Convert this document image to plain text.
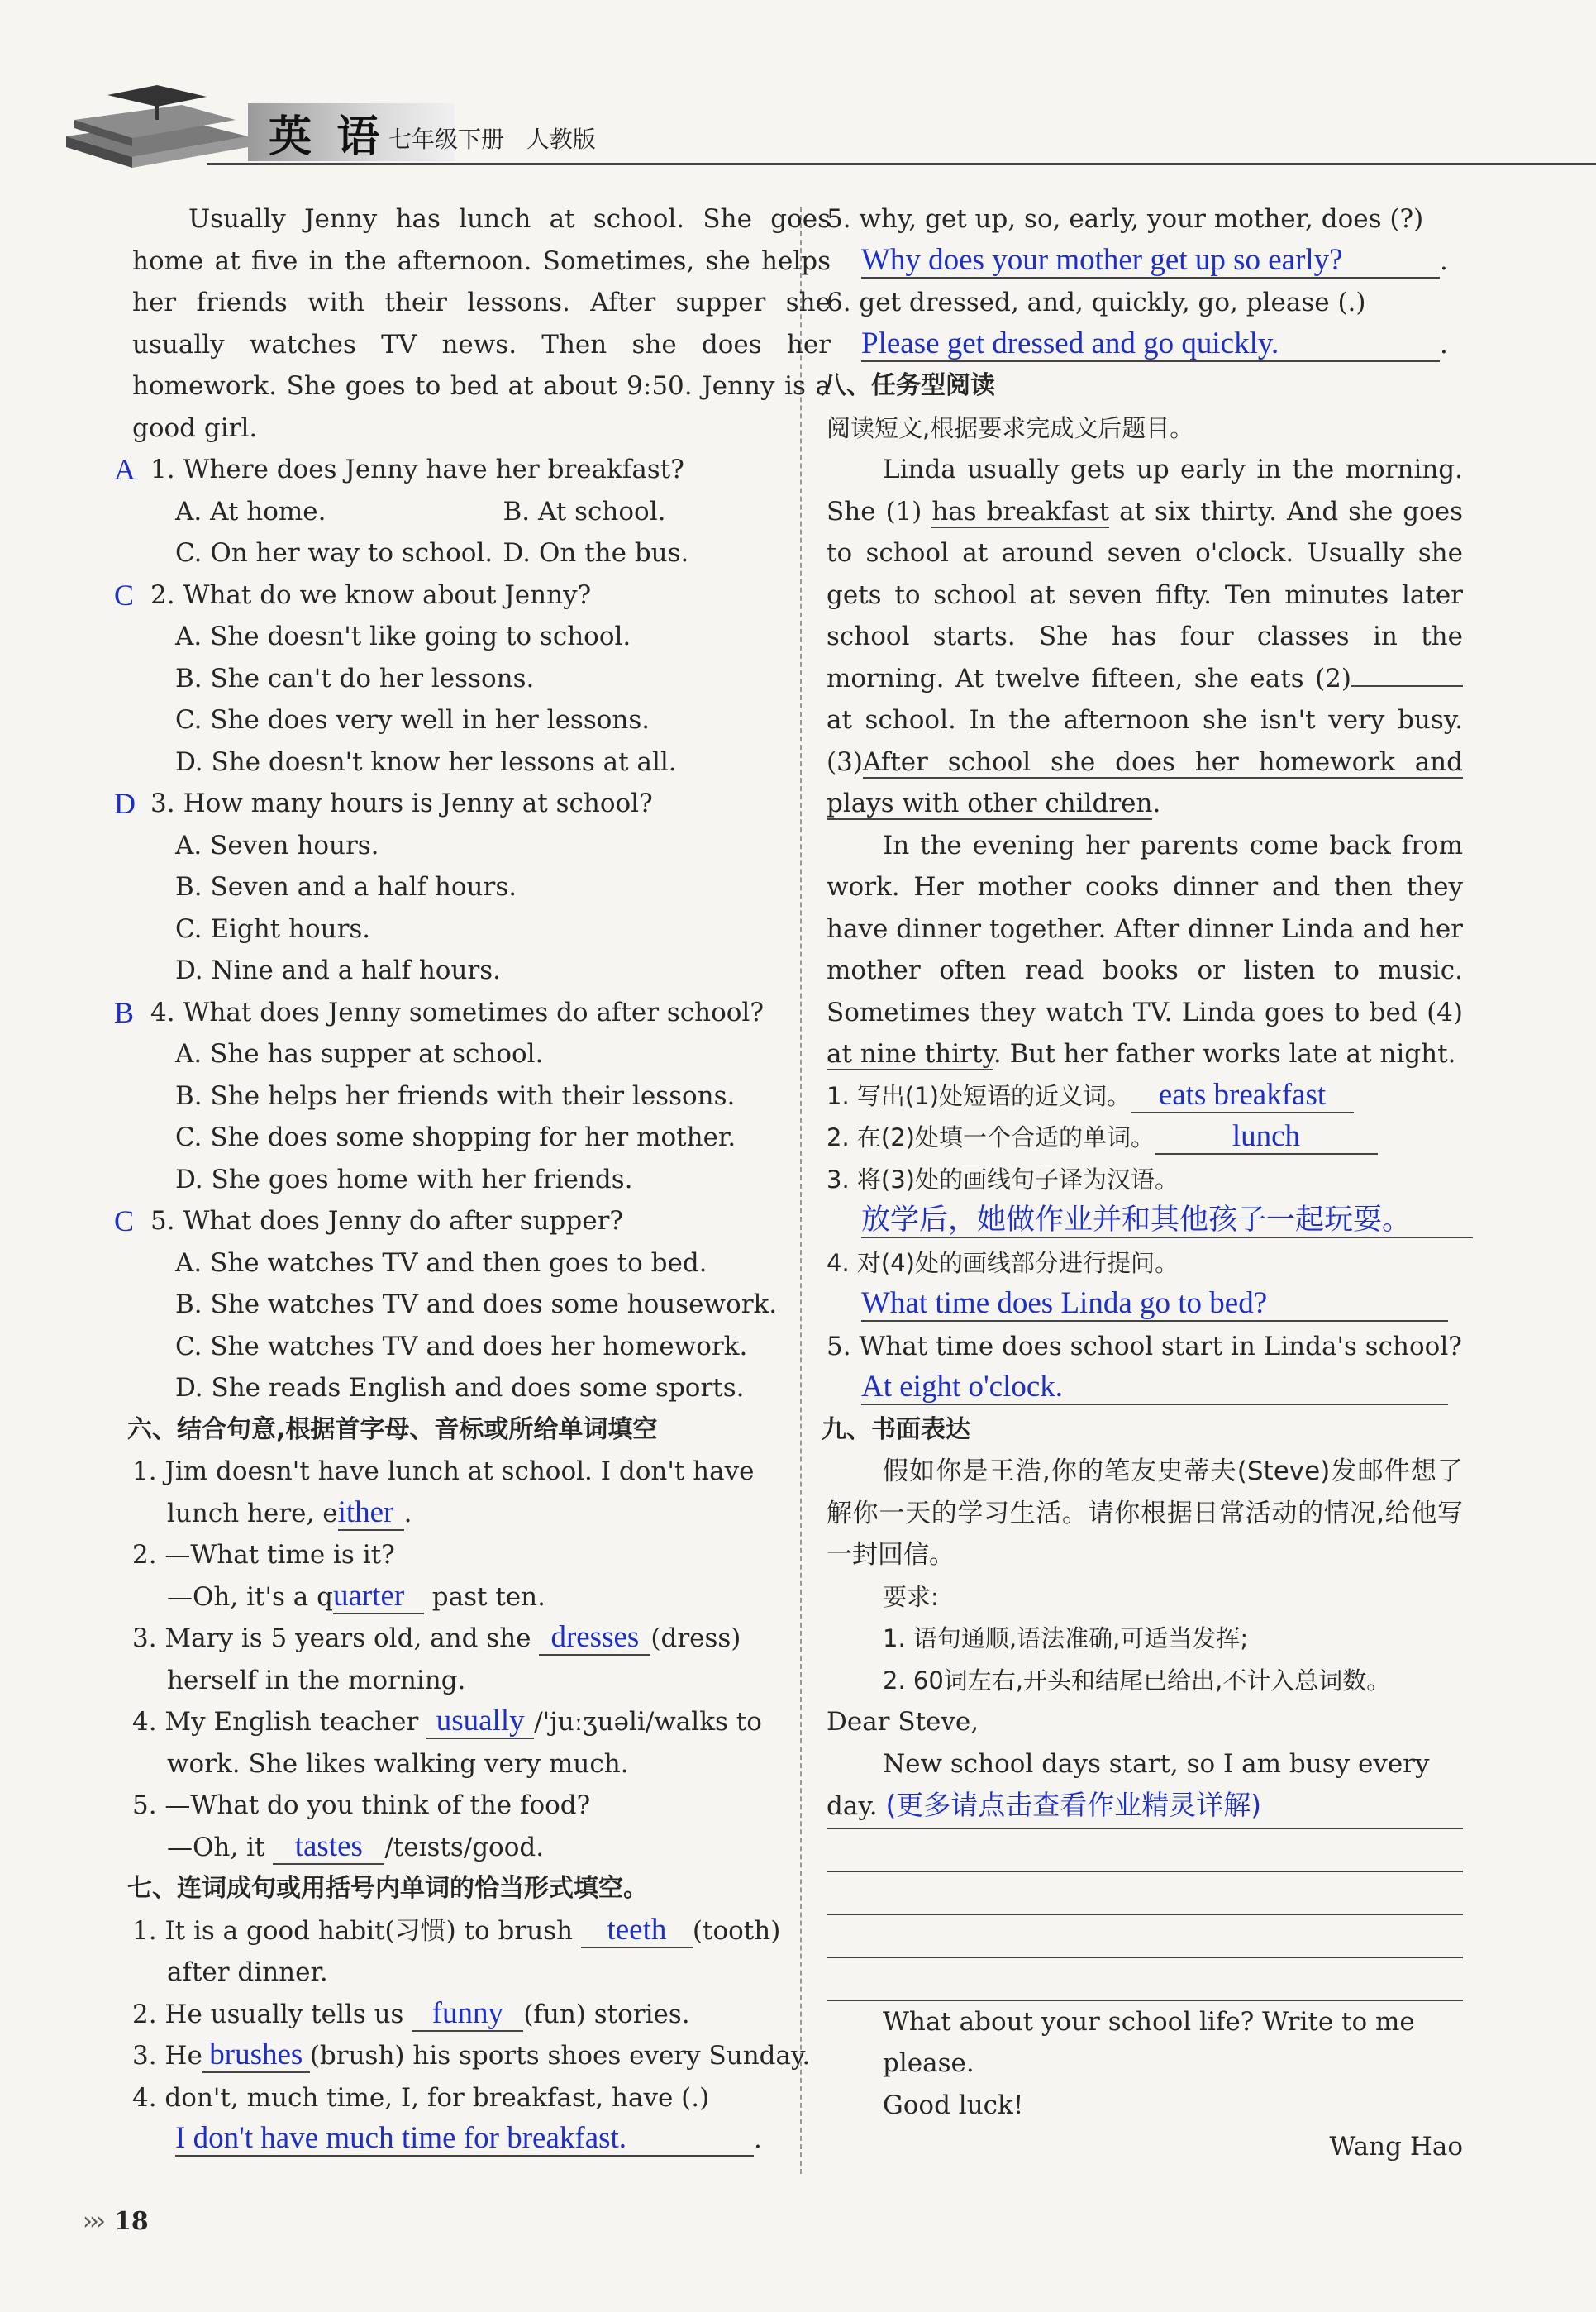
英 语 七年级下册 人教版

Usually Jenny has lunch at school. She goes home at five in the afternoon. Sometimes, she helps her friends with their lessons. After supper she usually watches TV news. Then she does her homework. She goes to bed at about 9:50. Jenny is a good girl.

A 1. Where does Jenny have her breakfast?

A. At home.	B. At school.

C. On her way to school. D. On the bus.

C 2. What do we know about Jenny?

A. She doesn't like going to school.

B. She can't do her lessons.

C. She does very well in her lessons.

D. She doesn't know her lessons at all.

D 3. How many hours is Jenny at school?

A. Seven hours.

B. Seven and a half hours.

C. Eight hours.

D. Nine and a half hours.

B 4. What does Jenny sometimes do after school?

A. She has supper at school.

B. She helps her friends with their lessons.

C. She does some shopping for her mother.

D. She goes home with her friends.

C 5. What does Jenny do after supper?

A. She watches TV and then goes to bed.

B. She watches TV and does some housework.

C. She watches TV and does her homework.

D. She reads English and does some sports.

六、结合句意,根据首字母、音标或所给单词填空

1. Jim doesn't have lunch at school. I don't have

lunch here, either .

2. —What time is it?

—Oh, it's a quarter past ten.

3. Mary is 5 years old, and she dresses (dress)

herself in the morning.

4. My English teacher usually /'juːʒuəli/walks to

work. She likes walking very much.

5. —What do you think of the food?

—Oh, it tastes /teɪsts/good.

七、连词成句或用括号内单词的恰当形式填空。

1. It is a good habit(习惯) to brush teeth (tooth)

after dinner.

2. He usually tells us funny (fun) stories.

3. He brushes (brush) his sports shoes every Sunday.

4. don't, much time, I, for breakfast, have (.)

I don't have much time for breakfast.	.

5. why, get up, so, early, your mother, does (?)

Why does your mother get up so early?	.

6. get dressed, and, quickly, go, please (.)

Please get dressed and go quickly.	.

八、任务型阅读

阅读短文,根据要求完成文后题目。

Linda usually gets up early in the morning. She (1) has breakfast at six thirty. And she goes to school at around seven o'clock. Usually she gets to school at seven fifty. Ten minutes later school starts. She has four classes in the morning. At twelve fifteen, she eats (2) at school. In the afternoon she isn't very busy. (3)After school she does her homework and plays with other children.

In the evening her parents come back from work. Her mother cooks dinner and then they have dinner together. After dinner Linda and her mother often read books or listen to music. Sometimes they watch TV. Linda goes to bed (4) at nine thirty. But her father works late at night.

1. 写出(1)处短语的近义词。 eats breakfast

2. 在(2)处填一个合适的单词。	lunch

3. 将(3)处的画线句子译为汉语。

放学后，她做作业并和其他孩子一起玩耍。

4. 对(4)处的画线部分进行提问。

What time does Linda go to bed?

5. What time does school start in Linda's school?

At eight o'clock.

九、书面表达

假如你是王浩,你的笔友史蒂夫(Steve)发邮件想了解你一天的学习生活。请你根据日常活动的情况,给他写一封回信。

要求:

1. 语句通顺,语法准确,可适当发挥;

2. 60词左右,开头和结尾已给出,不计入总词数。

Dear Steve,

New school days start, so I am busy every

day. (更多请点击查看作业精灵详解)

What about your school life? Write to me please.

Good luck!

Wang Hao

››› 18
